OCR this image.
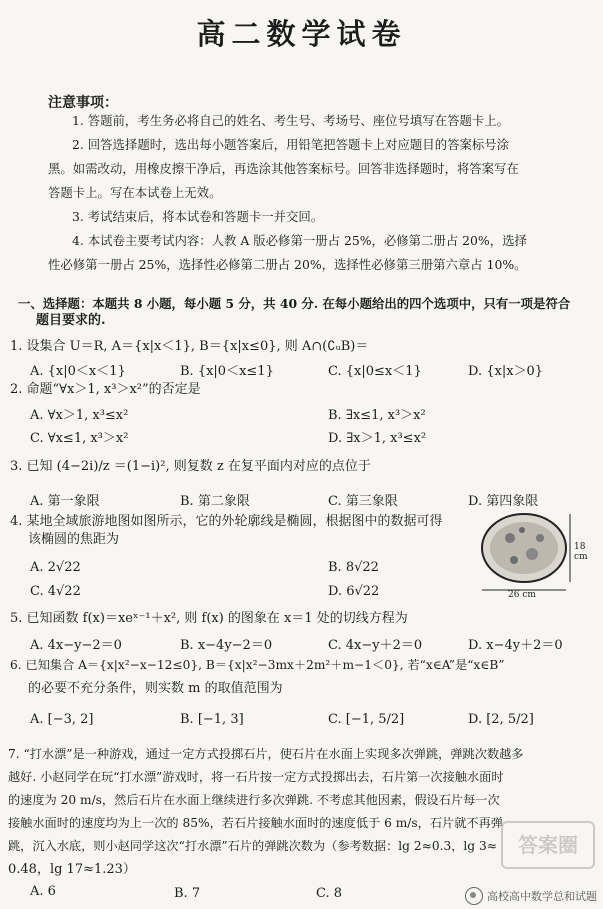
高二数学试卷
注意事项：
1. 答题前，考生务必将自己的姓名、考生号、考场号、座位号填写在答题卡上。
2. 回答选择题时，选出每小题答案后，用铅笔把答题卡上对应题目的答案标号涂
黑。如需改动，用橡皮擦干净后，再选涂其他答案标号。回答非选择题时，将答案写在
答题卡上。写在本试卷上无效。
3. 考试结束后，将本试卷和答题卡一并交回。
4. 本试卷主要考试内容：人教 A 版必修第一册占 25%，必修第二册占 20%，选择
性必修第一册占 25%，选择性必修第二册占 20%，选择性必修第三册第六章占 10%。
一、选择题：本题共 8 小题，每小题 5 分，共 40 分. 在每小题给出的四个选项中，只有一项是符合
题目要求的.
1. 设集合 U＝R, A＝{x|x＜1}, B＝{x|x≤0}, 则 A∩(∁ᵤB)＝
A. {x|0＜x＜1}	B. {x|0＜x≤1}	C. {x|0≤x＜1}	D. {x|x＞0}
2. 命题“∀x＞1, x³＞x²”的否定是
A. ∀x＞1, x³≤x²	B. ∃x≤1, x³＞x²
C. ∀x≤1, x³＞x²	D. ∃x＞1, x³≤x²
3. 已知 (4−2i)/z ＝(1−i)², 则复数 z 在复平面内对应的点位于
A. 第一象限	B. 第二象限	C. 第三象限	D. 第四象限
4. 某地全域旅游地图如图所示，它的外轮廓线是椭圆，根据图中的数据可得
该椭圆的焦距为
A. 2√22	B. 8√22
C. 4√22	D. 6√22
18 cm
26 cm
5. 已知函数 f(x)＝xeˣ⁻¹＋x², 则 f(x) 的图象在 x＝1 处的切线方程为
A. 4x−y−2＝0	B. x−4y−2＝0	C. 4x−y＋2＝0	D. x−4y＋2＝0
6. 已知集合 A＝{x|x²−x−12≤0}, B＝{x|x²−3mx＋2m²＋m−1＜0}, 若“x∈A”是“x∈B”
的必要不充分条件，则实数 m 的取值范围为
A. [−3, 2]	B. [−1, 3]	C. [−1, 5/2]	D. [2, 5/2]
7. “打水漂”是一种游戏，通过一定方式投掷石片，使石片在水面上实现多次弹跳，弹跳次数越多
越好. 小赵同学在玩“打水漂”游戏时，将一石片按一定方式投掷出去，石片第一次接触水面时
的速度为 20 m/s，然后石片在水面上继续进行多次弹跳. 不考虑其他因素，假设石片每一次
接触水面时的速度均为上一次的 85%，若石片接触水面时的速度低于 6 m/s，石片就不再弹
跳，沉入水底，则小赵同学这次“打水漂”石片的弹跳次数为（参考数据：lg 2≈0.3，lg 3≈
0.48，lg 17≈1.23）
A. 6	B. 7	C. 8
答案圈
高校高中数学总和试题
